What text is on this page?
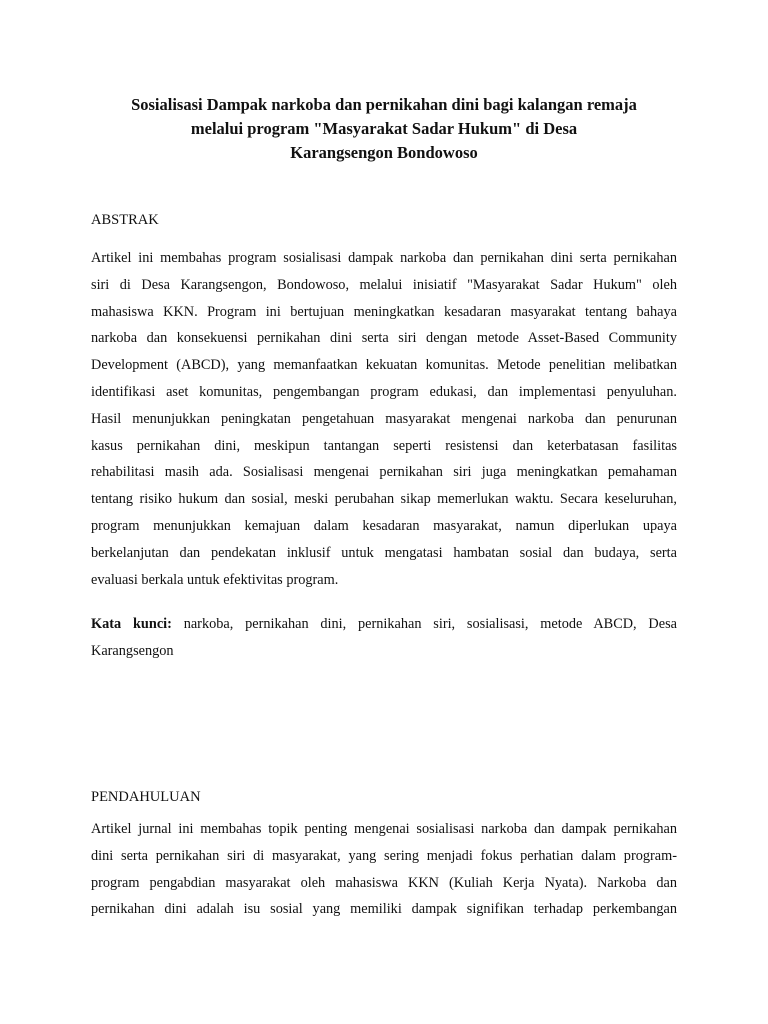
Sosialisasi Dampak narkoba dan pernikahan dini bagi kalangan remaja
melalui program "Masyarakat Sadar Hukum" di Desa
Karangsengon Bondowoso
ABSTRAK
Artikel ini membahas program sosialisasi dampak narkoba dan pernikahan dini serta pernikahan
siri di Desa Karangsengon, Bondowoso, melalui inisiatif "Masyarakat Sadar Hukum" oleh
mahasiswa KKN. Program ini bertujuan meningkatkan kesadaran masyarakat tentang bahaya
narkoba dan konsekuensi pernikahan dini serta siri dengan metode Asset-Based Community
Development (ABCD), yang memanfaatkan kekuatan komunitas. Metode penelitian melibatkan
identifikasi aset komunitas, pengembangan program edukasi, dan implementasi penyuluhan.
Hasil menunjukkan peningkatan pengetahuan masyarakat mengenai narkoba dan penurunan
kasus pernikahan dini, meskipun tantangan seperti resistensi dan keterbatasan fasilitas
rehabilitasi masih ada. Sosialisasi mengenai pernikahan siri juga meningkatkan pemahaman
tentang risiko hukum dan sosial, meski perubahan sikap memerlukan waktu. Secara keseluruhan,
program menunjukkan kemajuan dalam kesadaran masyarakat, namun diperlukan upaya
berkelanjutan dan pendekatan inklusif untuk mengatasi hambatan sosial dan budaya, serta
evaluasi berkala untuk efektivitas program.
Kata kunci: narkoba, pernikahan dini, pernikahan siri, sosialisasi, metode ABCD, Desa
Karangsengon
PENDAHULUAN
Artikel jurnal ini membahas topik penting mengenai sosialisasi narkoba dan dampak pernikahan
dini serta pernikahan siri di masyarakat, yang sering menjadi fokus perhatian dalam program-
program pengabdian masyarakat oleh mahasiswa KKN (Kuliah Kerja Nyata). Narkoba dan
pernikahan dini adalah isu sosial yang memiliki dampak signifikan terhadap perkembangan
